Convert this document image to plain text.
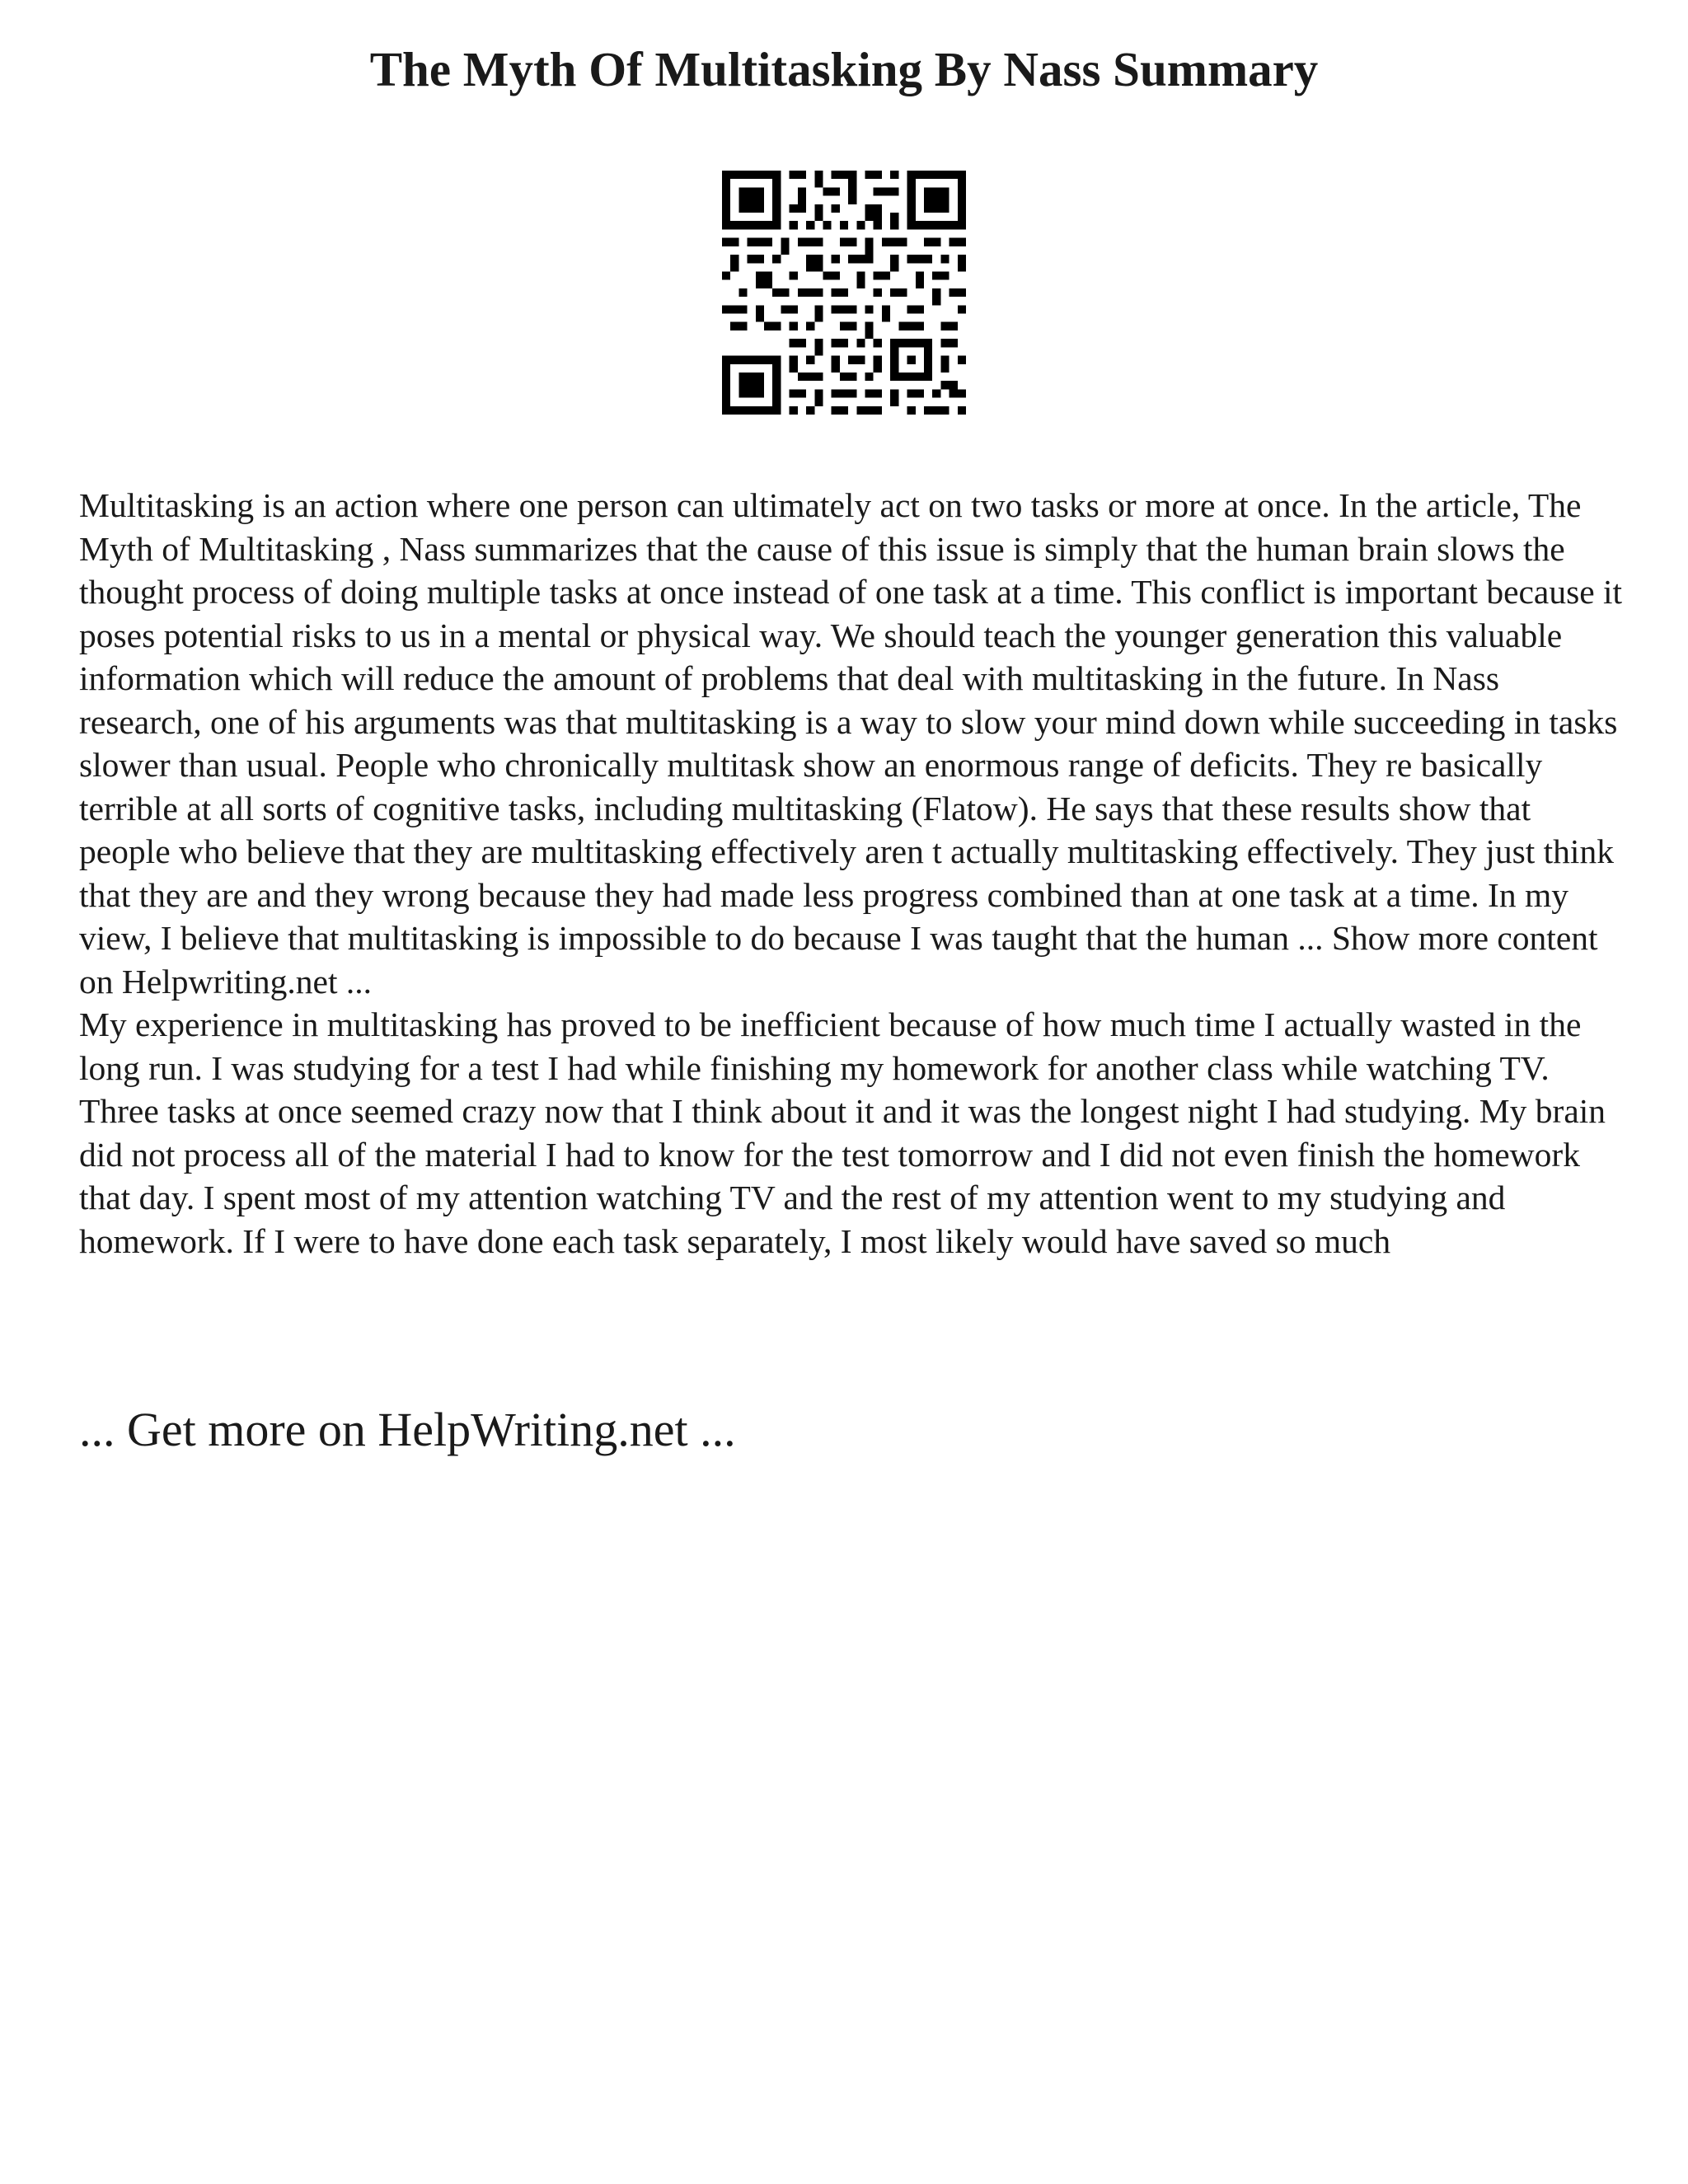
The Myth Of Multitasking By Nass Summary

Multitasking is an action where one person can ultimately act on two tasks or more at once. In the article, The Myth of Multitasking , Nass summarizes that the cause of this issue is simply that the human brain slows the thought process of doing multiple tasks at once instead of one task at a time. This conflict is important because it poses potential risks to us in a mental or physical way. We should teach the younger generation this valuable information which will reduce the amount of problems that deal with multitasking in the future. In Nass research, one of his arguments was that multitasking is a way to slow your mind down while succeeding in tasks slower than usual. People who chronically multitask show an enormous range of deficits. They re basically terrible at all sorts of cognitive tasks, including multitasking (Flatow). He says that these results show that people who believe that they are multitasking effectively aren t actually multitasking effectively. They just think that they are and they wrong because they had made less progress combined than at one task at a time. In my view, I believe that multitasking is impossible to do because I was taught that the human ... Show more content on Helpwriting.net ...

My experience in multitasking has proved to be inefficient because of how much time I actually wasted in the long run. I was studying for a test I had while finishing my homework for another class while watching TV. Three tasks at once seemed crazy now that I think about it and it was the longest night I had studying. My brain did not process all of the material I had to know for the test tomorrow and I did not even finish the homework that day. I spent most of my attention watching TV and the rest of my attention went to my studying and homework. If I were to have done each task separately, I most likely would have saved so much

... Get more on HelpWriting.net ...
